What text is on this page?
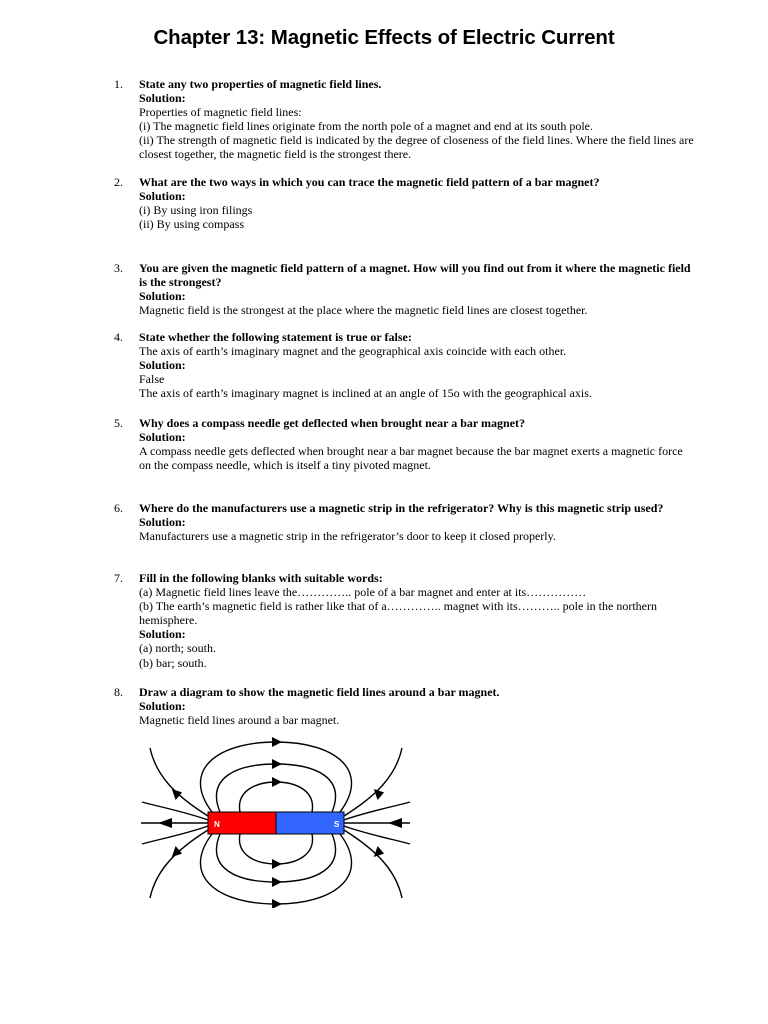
Chapter 13: Magnetic Effects of Electric Current
1. State any two properties of magnetic field lines.
Solution:
Properties of magnetic field lines:
(i) The magnetic field lines originate from the north pole of a magnet and end at its south pole.
(ii) The strength of magnetic field is indicated by the degree of closeness of the field lines. Where the field lines are closest together, the magnetic field is the strongest there.
2. What are the two ways in which you can trace the magnetic field pattern of a bar magnet?
Solution:
(i) By using iron filings
(ii) By using compass
3. You are given the magnetic field pattern of a magnet. How will you find out from it where the magnetic field is the strongest?
Solution:
Magnetic field is the strongest at the place where the magnetic field lines are closest together.
4. State whether the following statement is true or false:
The axis of earth’s imaginary magnet and the geographical axis coincide with each other.
Solution:
False
The axis of earth’s imaginary magnet is inclined at an angle of 15o with the geographical axis.
5. Why does a compass needle get deflected when brought near a bar magnet?
Solution:
A compass needle gets deflected when brought near a bar magnet because the bar magnet exerts a magnetic force on the compass needle, which is itself a tiny pivoted magnet.
6. Where do the manufacturers use a magnetic strip in the refrigerator? Why is this magnetic strip used?
Solution:
Manufacturers use a magnetic strip in the refrigerator’s door to keep it closed properly.
7. Fill in the following blanks with suitable words:
(a) Magnetic field lines leave the………….. pole of a bar magnet and enter at its……………
(b) The earth’s magnetic field is rather like that of a………….. magnet with its……….. pole in the northern hemisphere.
Solution:
(a) north; south.
(b) bar; south.
8. Draw a diagram to show the magnetic field lines around a bar magnet.
Solution:
Magnetic field lines around a bar magnet.
N	S
